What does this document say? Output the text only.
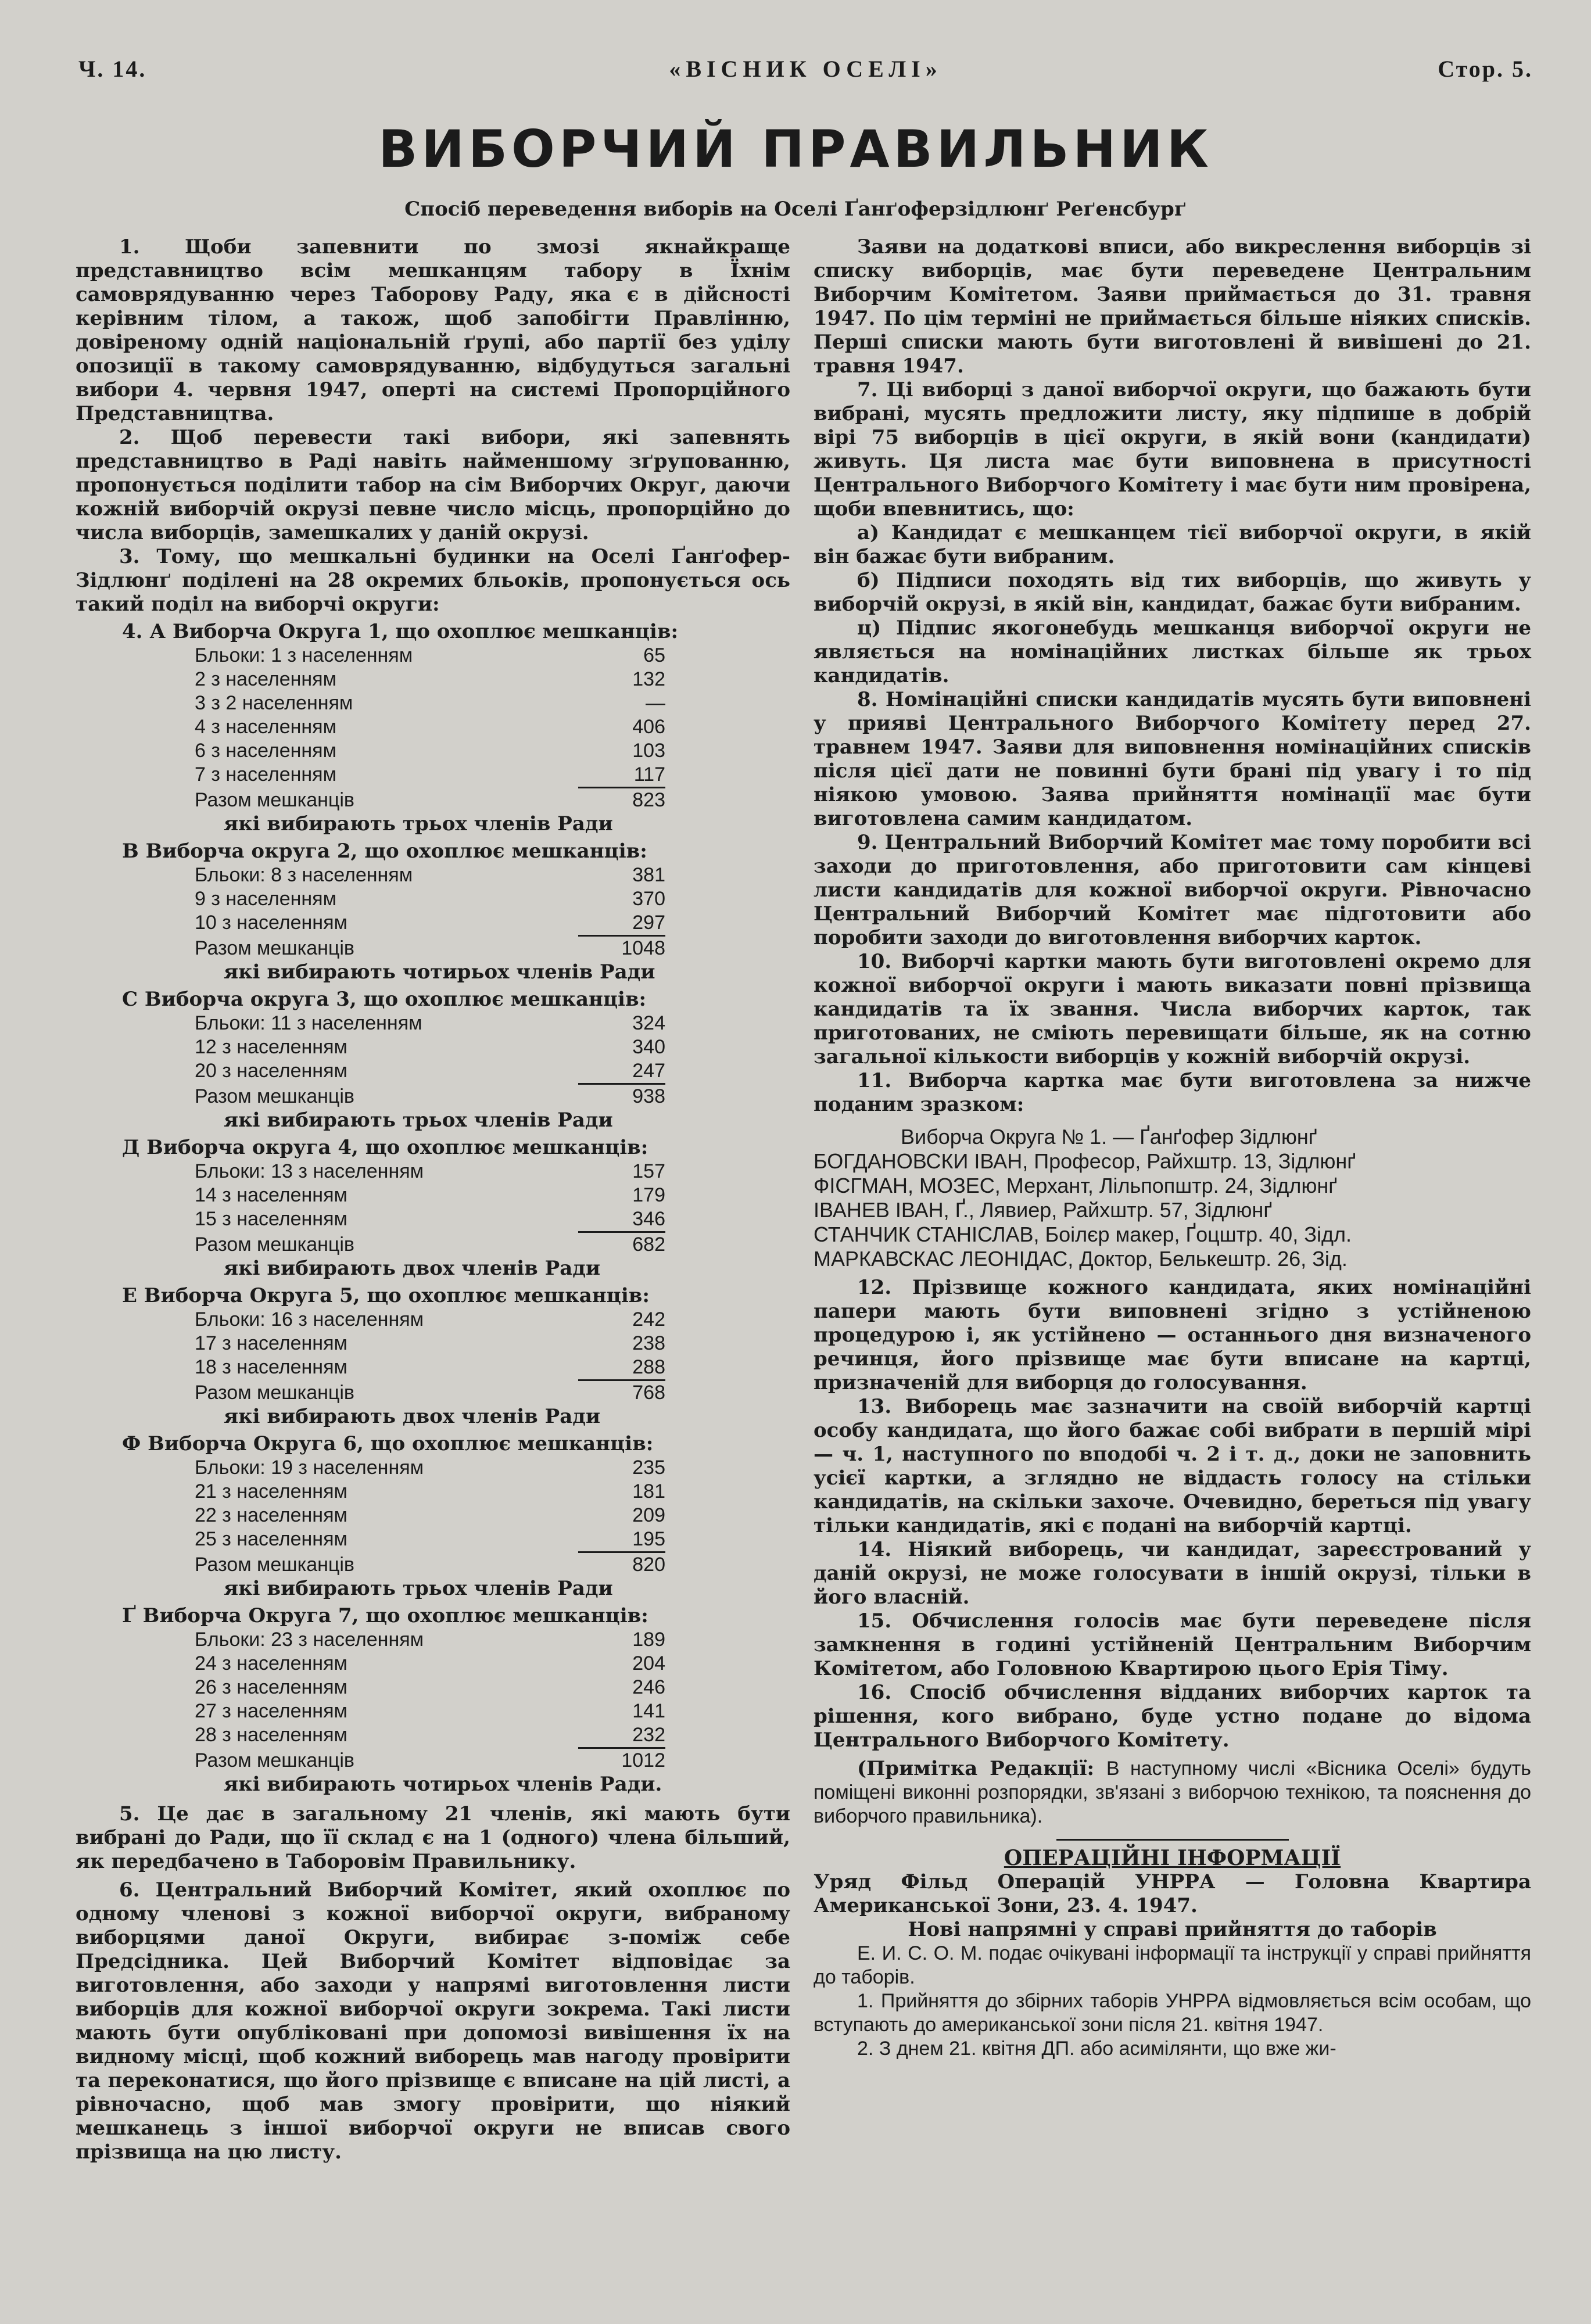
Ч. 14.	«ВІСНИК ОСЕЛІ»	Стор. 5.
ВИБОРЧИЙ ПРАВИЛЬНИК
Спосіб переведення виборів на Оселі Ґанґоферзідлюнґ Реґенсбурґ

1. Щоби запевнити по змозі якнайкраще представництво всім мешканцям табору в Їхнім самоврядуванню через Таборову Раду, яка є в дійсності керівним тілом, а також, щоб запобігти Правлінню, довіреному одній національній ґрупі, або партії без уділу опозиції в такому самоврядуванню, відбудуться загальні вибори 4. червня 1947, оперті на системі Пропорційного Представництва.

2. Щоб перевести такі вибори, які запевнять представництво в Раді навіть найменшому зґрупованню, пропонується поділити табор на сім Виборчих Округ, даючи кожній виборчій окрузі певне число місць, пропорційно до числа виборців, замешкалих у даній окрузі.

3. Тому, що мешкальні будинки на Оселі Ґанґофер-Зідлюнґ поділені на 28 окремих бльоків, пропонується ось такий поділ на виборчі округи:

4. А Виборча Округа 1, що охоплює мешканців:
Бльоки: 1 з населенням	65
2 з населенням	132
3 з 2 населенням	—
4 з населенням	406
6 з населенням	103
7 з населенням	117
Разом мешканців	823
які вибирають трьох членів Ради
В Виборча округа 2, що охоплює мешканців:
Бльоки: 8 з населенням	381
9 з населенням	370
10 з населенням	297
Разом мешканців	1048
які вибирають чотирьох членів Ради
С Виборча округа 3, що охоплює мешканців:
Бльоки: 11 з населенням	324
12 з населенням	340
20 з населенням	247
Разом мешканців	938
які вибирають трьох членів Ради
Д Виборча округа 4, що охоплює мешканців:
Бльоки: 13 з населенням	157
14 з населенням	179
15 з населенням	346
Разом мешканців	682
які вибирають двох членів Ради
Е Виборча Округа 5, що охоплює мешканців:
Бльоки: 16 з населенням	242
17 з населенням	238
18 з населенням	288
Разом мешканців	768
які вибирають двох членів Ради
Ф Виборча Округа 6, що охоплює мешканців:
Бльоки: 19 з населенням	235
21 з населенням	181
22 з населенням	209
25 з населенням	195
Разом мешканців	820
які вибирають трьох членів Ради
Ґ Виборча Округа 7, що охоплює мешканців:
Бльоки: 23 з населенням	189
24 з населенням	204
26 з населенням	246
27 з населенням	141
28 з населенням	232
Разом мешканців	1012
які вибирають чотирьох членів Ради.

5. Це дає в загальному 21 членів, які мають бути вибрані до Ради, що її склад є на 1 (одного) члена більший, як передбачено в Таборовім Правильнику.

6. Центральний Виборчий Комітет, який охоплює по одному членові з кожної виборчої округи, вибраному виборцями даної Округи, вибирає з-поміж себе Предсідника. Цей Виборчий Комітет відповідає за виготовлення, або заходи у напрямі виготовлення листи виборців для кожної виборчої округи зокрема. Такі листи мають бути опубліковані при допомозі вивішення їх на видному місці, щоб кожний виборець мав нагоду провірити та переконатися, що його прізвище є вписане на цій листі, а рівночасно, щоб мав змогу провірити, що ніякий мешканець з іншої виборчої округи не вписав свого прізвища на цю листу.

Заяви на додаткові вписи, або викреслення виборців зі списку виборців, має бути переведене Центральним Виборчим Комітетом. Заяви приймається до 31. травня 1947. По цім терміні не приймається більше ніяких списків. Перші списки мають бути виготовлені й вивішені до 21. травня 1947.

7. Ці виборці з даної виборчої округи, що бажають бути вибрані, мусять предложити листу, яку підпише в добрій вірі 75 виборців в цієї округи, в якій вони (кандидати) живуть. Ця листа має бути виповнена в присутності Центрального Виборчого Комітету і має бути ним провірена, щоби впевнитись, що:

а) Кандидат є мешканцем тієї виборчої округи, в якій він бажає бути вибраним.

б) Підписи походять від тих виборців, що живуть у виборчій окрузі, в якій він, кандидат, бажає бути вибраним.

ц) Підпис якогонебудь мешканця виборчої округи не являється на номінаційних листках більше як трьох кандидатів.

8. Номінаційні списки кандидатів мусять бути виповнені у прияві Центрального Виборчого Комітету перед 27. травнем 1947. Заяви для виповнення номінаційних списків після цієї дати не повинні бути брані під увагу і то під ніякою умовою. Заява прийняття номінації має бути виготовлена самим кандидатом.

9. Центральний Виборчий Комітет має тому поробити всі заходи до приготовлення, або приготовити сам кінцеві листи кандидатів для кожної виборчої округи. Рівночасно Центральний Виборчий Комітет має підготовити або поробити заходи до виготовлення виборчих карток.

10. Виборчі картки мають бути виготовлені окремо для кожної виборчої округи і мають виказати повні прізвища кандидатів та їх звання. Числа виборчих карток, так приготованих, не сміють перевищати більше, як на сотню загальної кількости виборців у кожній виборчій окрузі.

11. Виборча картка має бути виготовлена за нижче поданим зразком:

Виборча Округа № 1. — Ґанґофер Зідлюнґ
БОГДАНОВСКИ ІВАН, Професор, Райхштр. 13, Зідлюнґ
ФІСГМАН, МОЗЕС, Мерхант, Лільпопштр. 24, Зідлюнґ
ІВАНЕВ ІВАН, Ґ., Лявиер, Райхштр. 57, Зідлюнґ
СТАНЧИК СТАНІСЛАВ, Боілєр макер, Ґоцштр. 40, Зідл.
МАРКАВСКАС ЛЕОНІДАС, Доктор, Белькештр. 26, Зід.

12. Прізвище кожного кандидата, яких номінаційні папери мають бути виповнені згідно з устійненою процедурою і, як устійнено — останнього дня визначеного речинця, його прізвище має бути вписане на картці, призначеній для виборця до голосування.

13. Виборець має зазначити на своїй виборчій картці особу кандидата, що його бажає собі вибрати в першій мірі — ч. 1, наступного по вподобі ч. 2 і т. д., доки не заповнить усієї картки, а зглядно не віддасть голосу на стільки кандидатів, на скільки захоче. Очевидно, береться під увагу тільки кандидатів, які є подані на виборчій картці.

14. Ніякий виборець, чи кандидат, зареєстрований у даній окрузі, не може голосувати в іншій окрузі, тільки в його власній.

15. Обчислення голосів має бути переведене після замкнення в годині устійненій Центральним Виборчим Комітетом, або Головною Квартирою цього Ерія Тіму.

16. Спосіб обчислення відданих виборчих карток та рішення, кого вибрано, буде устно подане до відома Центрального Виборчого Комітету.

(Примітка Редакції: В наступному числі «Вісника Оселі» будуть поміщені виконні розпорядки, зв'язані з виборчою технікою, та пояснення до виборчого правильника).

ОПЕРАЦІЙНІ ІНФОРМАЦІЇ

Уряд Фільд Операцій УНРРА — Головна Квартира Американської Зони, 23. 4. 1947.

Нові напрямні у справі прийняття до таборів

Е. И. С. О. М. подає очікувані інформації та інструкції у справі прийняття до таборів.

1. Прийняття до збірних таборів УНРРА відмовляється всім особам, що вступають до американської зони після 21. квітня 1947.

2. З днем 21. квітня ДП. або асимілянти, що вже жи-
